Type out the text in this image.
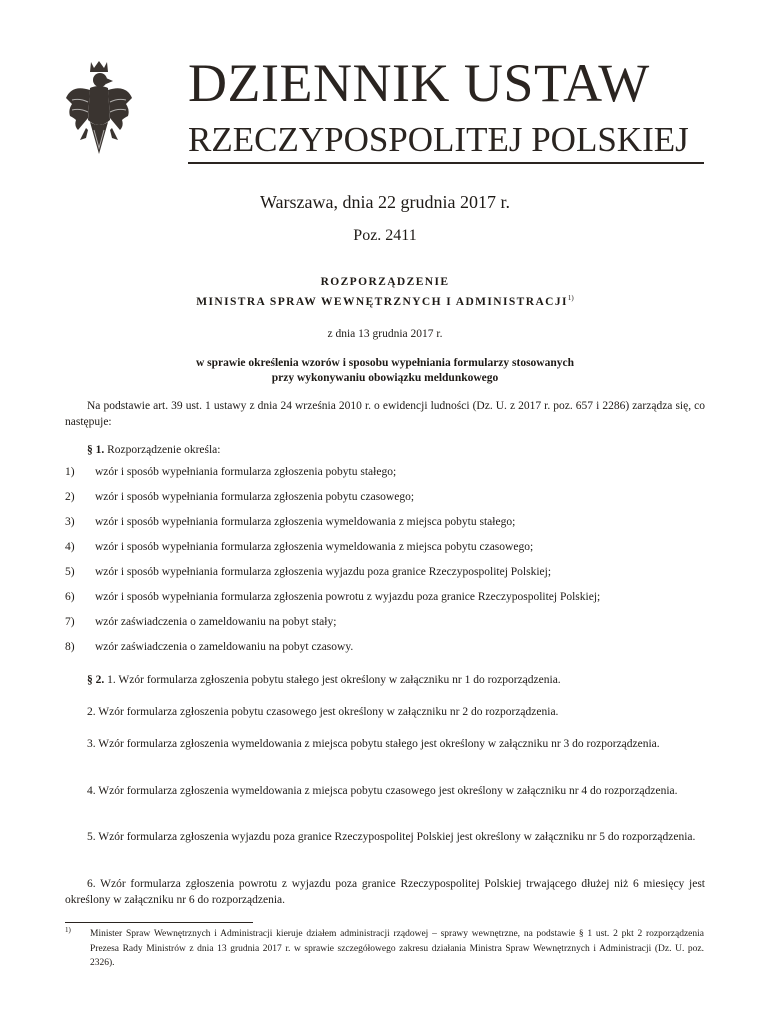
DZIENNIK USTAW
RZECZYPOSPOLITEJ POLSKIEJ
Warszawa, dnia 22 grudnia 2017 r.
Poz. 2411
ROZPORZĄDZENIE
MINISTRA SPRAW WEWNĘTRZNYCH I ADMINISTRACJI$^{1)}$
z dnia 13 grudnia 2017 r.
w sprawie określenia wzorów i sposobu wypełniania formularzy stosowanych
przy wykonywaniu obowiązku meldunkowego
Na podstawie art. 39 ust. 1 ustawy z dnia 24 września 2010 r. o ewidencji ludności (Dz. U. z 2017 r. poz. 657 i 2286) zarządza się, co następuje:
§ 1. Rozporządzenie określa:
1) wzór i sposób wypełniania formularza zgłoszenia pobytu stałego;
2) wzór i sposób wypełniania formularza zgłoszenia pobytu czasowego;
3) wzór i sposób wypełniania formularza zgłoszenia wymeldowania z miejsca pobytu stałego;
4) wzór i sposób wypełniania formularza zgłoszenia wymeldowania z miejsca pobytu czasowego;
5) wzór i sposób wypełniania formularza zgłoszenia wyjazdu poza granice Rzeczypospolitej Polskiej;
6) wzór i sposób wypełniania formularza zgłoszenia powrotu z wyjazdu poza granice Rzeczypospolitej Polskiej;
7) wzór zaświadczenia o zameldowaniu na pobyt stały;
8) wzór zaświadczenia o zameldowaniu na pobyt czasowy.
§ 2. 1. Wzór formularza zgłoszenia pobytu stałego jest określony w załączniku nr 1 do rozporządzenia.
2. Wzór formularza zgłoszenia pobytu czasowego jest określony w załączniku nr 2 do rozporządzenia.
3. Wzór formularza zgłoszenia wymeldowania z miejsca pobytu stałego jest określony w załączniku nr 3 do rozporządzenia.
4. Wzór formularza zgłoszenia wymeldowania z miejsca pobytu czasowego jest określony w załączniku nr 4 do rozporządzenia.
5. Wzór formularza zgłoszenia wyjazdu poza granice Rzeczypospolitej Polskiej jest określony w załączniku nr 5 do rozporządzenia.
6. Wzór formularza zgłoszenia powrotu z wyjazdu poza granice Rzeczypospolitej Polskiej trwającego dłużej niż 6 miesięcy jest określony w załączniku nr 6 do rozporządzenia.
1) Minister Spraw Wewnętrznych i Administracji kieruje działem administracji rządowej – sprawy wewnętrzne, na podstawie § 1 ust. 2 pkt 2 rozporządzenia Prezesa Rady Ministrów z dnia 13 grudnia 2017 r. w sprawie szczegółowego zakresu działania Ministra Spraw Wewnętrznych i Administracji (Dz. U. poz. 2326).
